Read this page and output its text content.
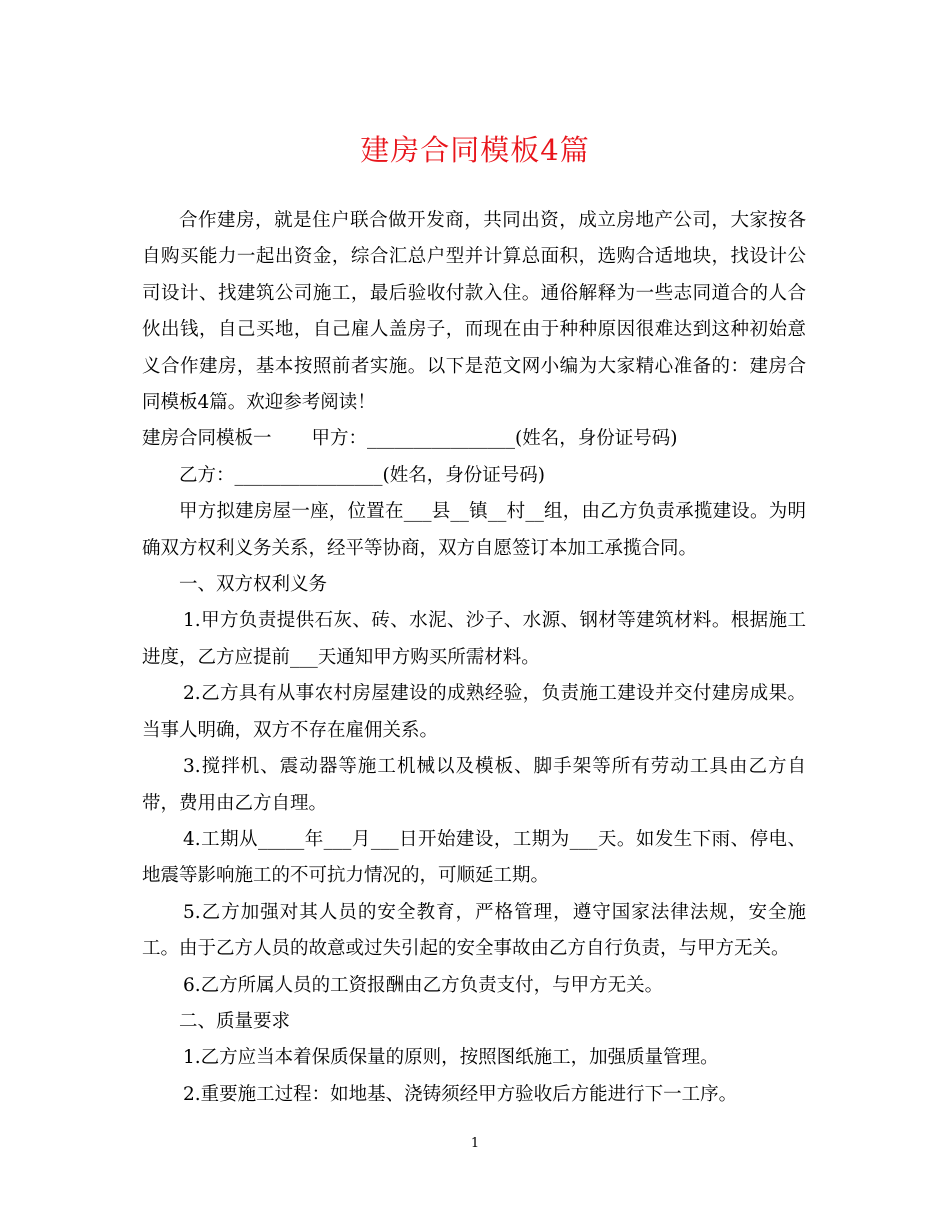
建房合同模板4篇

合作建房，就是住户联合做开发商，共同出资，成立房地产公司，大家按各自购买能力一起出资金，综合汇总户型并计算总面积，选购合适地块，找设计公司设计、找建筑公司施工，最后验收付款入住。通俗解释为一些志同道合的人合伙出钱，自己买地，自己雇人盖房子，而现在由于种种原因很难达到这种初始意义合作建房，基本按照前者实施。以下是范文网小编为大家精心准备的：建房合同模板4篇。欢迎参考阅读！

建房合同模板一 甲方：________________(姓名，身份证号码)

乙方：________________(姓名，身份证号码)

甲方拟建房屋一座，位置在___县__镇__村__组，由乙方负责承揽建设。为明确双方权利义务关系，经平等协商，双方自愿签订本加工承揽合同。

一、双方权利义务

1.甲方负责提供石灰、砖、水泥、沙子、水源、钢材等建筑材料。根据施工进度，乙方应提前___天通知甲方购买所需材料。

2.乙方具有从事农村房屋建设的成熟经验，负责施工建设并交付建房成果。当事人明确，双方不存在雇佣关系。

3.搅拌机、震动器等施工机械以及模板、脚手架等所有劳动工具由乙方自带，费用由乙方自理。

4.工期从_____年___月___日开始建设，工期为___天。如发生下雨、停电、地震等影响施工的不可抗力情况的，可顺延工期。

5.乙方加强对其人员的安全教育，严格管理，遵守国家法律法规，安全施工。由于乙方人员的故意或过失引起的安全事故由乙方自行负责，与甲方无关。

6.乙方所属人员的工资报酬由乙方负责支付，与甲方无关。

二、质量要求

1.乙方应当本着保质保量的原则，按照图纸施工，加强质量管理。

2.重要施工过程：如地基、浇铸须经甲方验收后方能进行下一工序。

1
